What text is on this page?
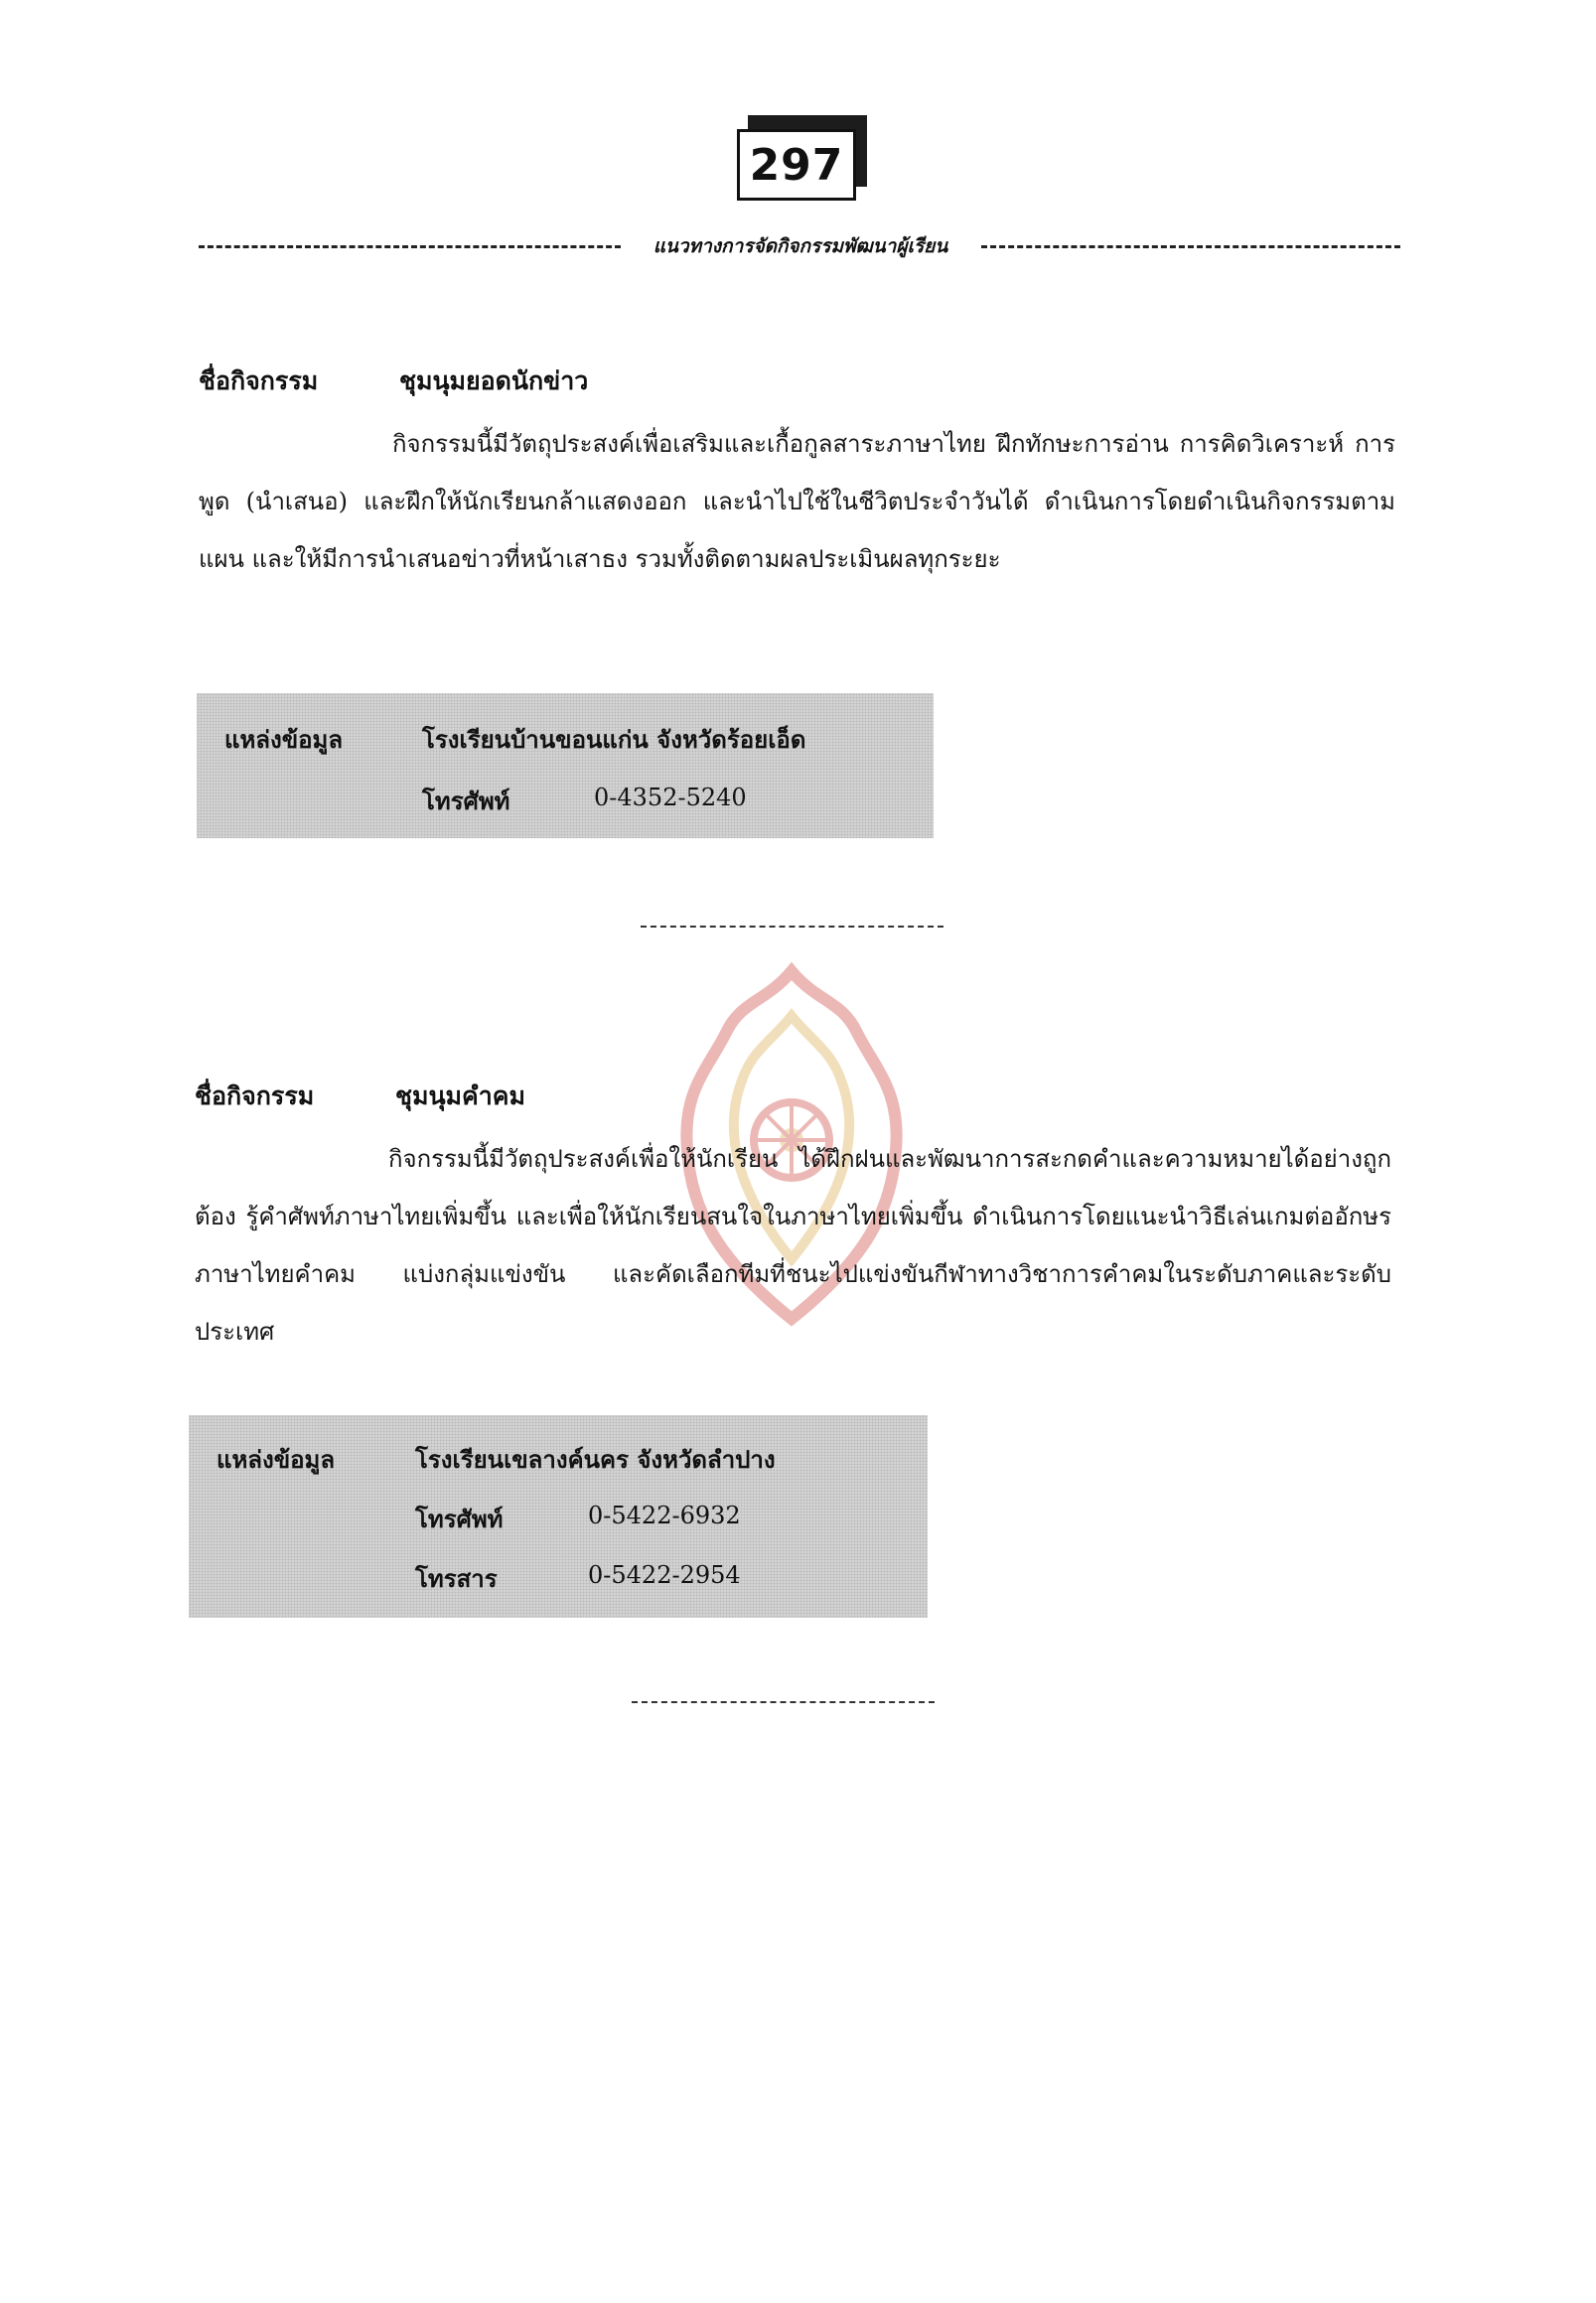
297
แนวทางการจัดกิจกรรมพัฒนาผู้เรียน
ชื่อกิจกรรม	ชุมนุมยอดนักข่าว
กิจกรรมนี้มีวัตถุประสงค์เพื่อเสริมและเกื้อกูลสาระภาษาไทย ฝึกทักษะการอ่าน การคิดวิเคราะห์ การพูด (นำเสนอ) และฝึกให้นักเรียนกล้าแสดงออก และนำไปใช้ในชีวิตประจำวันได้ ดำเนินการโดยดำเนินกิจกรรมตามแผน และให้มีการนำเสนอข่าวที่หน้าเสาธง รวมทั้งติดตามผลประเมินผลทุกระยะ
แหล่งข้อมูล	โรงเรียนบ้านขอนแก่น จังหวัดร้อยเอ็ด
โทรศัพท์	0-4352-5240
ชื่อกิจกรรม	ชุมนุมคำคม
กิจกรรมนี้มีวัตถุประสงค์เพื่อให้นักเรียน ได้ฝึกฝนและพัฒนาการสะกดคำและความหมายได้อย่างถูกต้อง รู้คำศัพท์ภาษาไทยเพิ่มขึ้น และเพื่อให้นักเรียนสนใจในภาษาไทยเพิ่มขึ้น ดำเนินการโดยแนะนำวิธีเล่นเกมต่ออักษรภาษาไทยคำคม แบ่งกลุ่มแข่งขัน และคัดเลือกทีมที่ชนะไปแข่งขันกีฬาทางวิชาการคำคมในระดับภาคและระดับประเทศ
แหล่งข้อมูล	โรงเรียนเขลางค์นคร จังหวัดลำปาง
โทรศัพท์	0-5422-6932
โทรสาร	0-5422-2954
